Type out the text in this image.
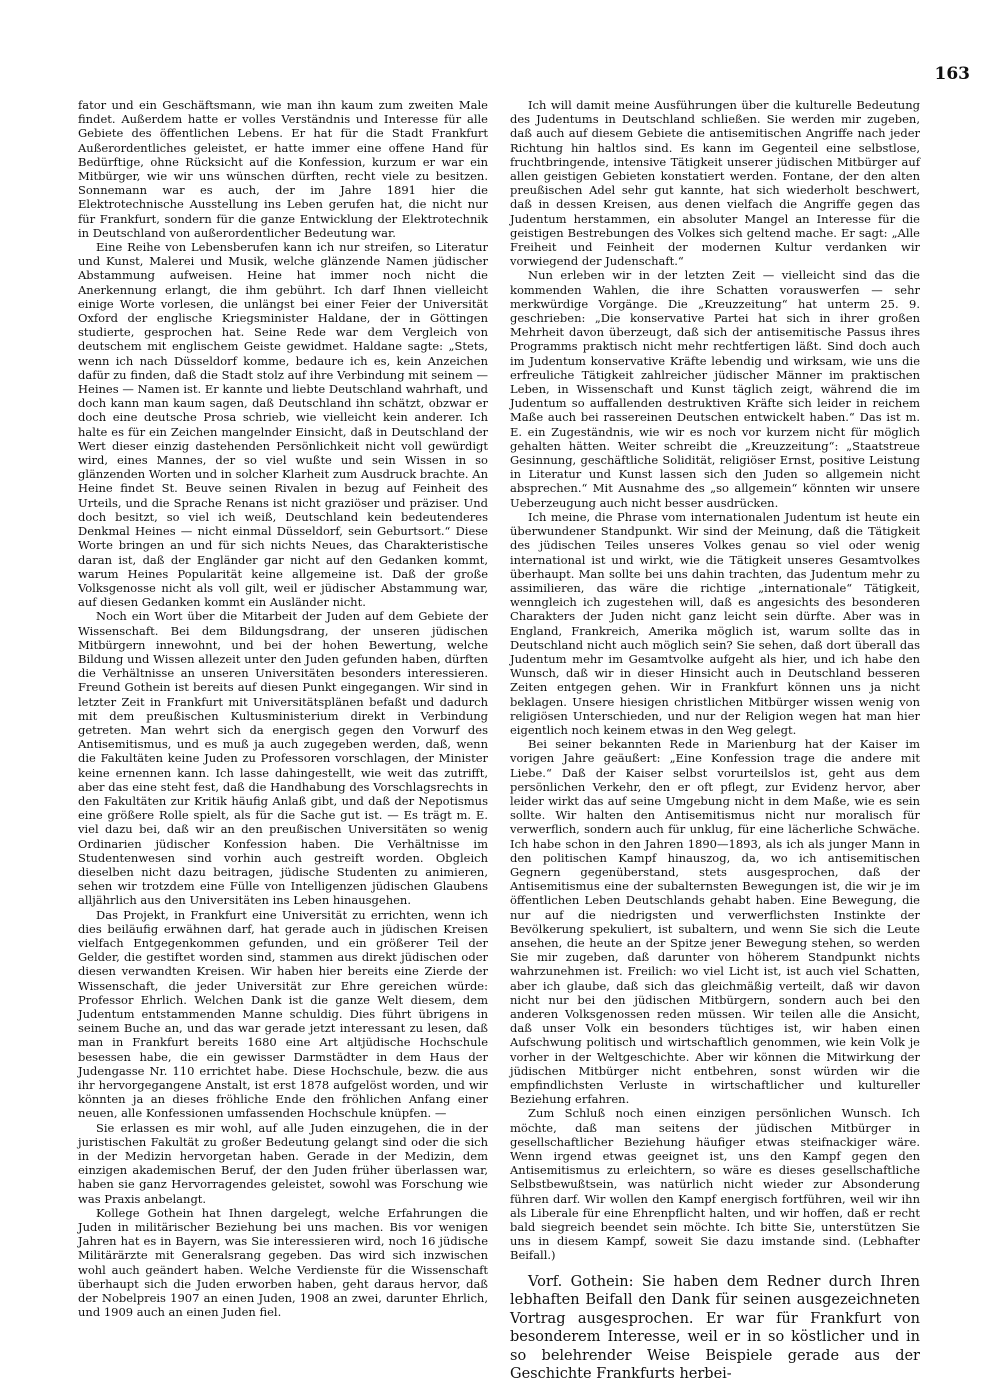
163

fator und ein Geschäftsmann, wie man ihn kaum zum zweiten Male findet. Außerdem hatte er volles Verständnis und Interesse für alle Gebiete des öffentlichen Lebens. Er hat für die Stadt Frankfurt Außerordentliches geleistet, er hatte immer eine offene Hand für Bedürftige, ohne Rücksicht auf die Konfession, kurzum er war ein Mitbürger, wie wir uns wünschen dürften, recht viele zu besitzen. Sonnemann war es auch, der im Jahre 1891 hier die Elektrotechnische Ausstellung ins Leben gerufen hat, die nicht nur für Frankfurt, sondern für die ganze Entwicklung der Elektrotechnik in Deutschland von außerordentlicher Bedeutung war.

Eine Reihe von Lebensberufen kann ich nur streifen, so Literatur und Kunst, Malerei und Musik, welche glänzende Namen jüdischer Abstammung aufweisen. Heine hat immer noch nicht die Anerkennung erlangt, die ihm gebührt. Ich darf Ihnen vielleicht einige Worte vorlesen, die unlängst bei einer Feier der Universität Oxford der englische Kriegsminister Haldane, der in Göttingen studierte, gesprochen hat. Seine Rede war dem Vergleich von deutschem mit englischem Geiste gewidmet. Haldane sagte: „Stets, wenn ich nach Düsseldorf komme, bedaure ich es, kein Anzeichen dafür zu finden, daß die Stadt stolz auf ihre Verbindung mit seinem — Heines — Namen ist. Er kannte und liebte Deutschland wahrhaft, und doch kann man kaum sagen, daß Deutschland ihn schätzt, obzwar er doch eine deutsche Prosa schrieb, wie vielleicht kein anderer. Ich halte es für ein Zeichen mangelnder Einsicht, daß in Deutschland der Wert dieser einzig dastehenden Persönlichkeit nicht voll gewürdigt wird, eines Mannes, der so viel wußte und sein Wissen in so glänzenden Worten und in solcher Klarheit zum Ausdruck brachte. An Heine findet St. Beuve seinen Rivalen in bezug auf Feinheit des Urteils, und die Sprache Renans ist nicht graziöser und präziser. Und doch besitzt, so viel ich weiß, Deutschland kein bedeutenderes Denkmal Heines — nicht einmal Düsseldorf, sein Geburtsort.“ Diese Worte bringen an und für sich nichts Neues, das Charakteristische daran ist, daß der Engländer gar nicht auf den Gedanken kommt, warum Heines Popularität keine allgemeine ist. Daß der große Volksgenosse nicht als voll gilt, weil er jüdischer Abstammung war, auf diesen Gedanken kommt ein Ausländer nicht.

Noch ein Wort über die Mitarbeit der Juden auf dem Gebiete der Wissenschaft. Bei dem Bildungsdrang, der unseren jüdischen Mitbürgern innewohnt, und bei der hohen Bewertung, welche Bildung und Wissen allezeit unter den Juden gefunden haben, dürften die Verhältnisse an unseren Universitäten besonders interessieren. Freund Gothein ist bereits auf diesen Punkt eingegangen. Wir sind in letzter Zeit in Frankfurt mit Universitätsplänen befaßt und dadurch mit dem preußischen Kultusministerium direkt in Verbindung getreten. Man wehrt sich da energisch gegen den Vorwurf des Antisemitismus, und es muß ja auch zugegeben werden, daß, wenn die Fakultäten keine Juden zu Professoren vorschlagen, der Minister keine ernennen kann. Ich lasse dahingestellt, wie weit das zutrifft, aber das eine steht fest, daß die Handhabung des Vorschlagsrechts in den Fakultäten zur Kritik häufig Anlaß gibt, und daß der Nepotismus eine größere Rolle spielt, als für die Sache gut ist. — Es trägt m. E. viel dazu bei, daß wir an den preußischen Universitäten so wenig Ordinarien jüdischer Konfession haben. Die Verhältnisse im Studentenwesen sind vorhin auch gestreift worden. Obgleich dieselben nicht dazu beitragen, jüdische Studenten zu animieren, sehen wir trotzdem eine Fülle von Intelligenzen jüdischen Glaubens alljährlich aus den Universitäten ins Leben hinausgehen.

Das Projekt, in Frankfurt eine Universität zu errichten, wenn ich dies beiläufig erwähnen darf, hat gerade auch in jüdischen Kreisen vielfach Entgegenkommen gefunden, und ein größerer Teil der Gelder, die gestiftet worden sind, stammen aus direkt jüdischen oder diesen verwandten Kreisen. Wir haben hier bereits eine Zierde der Wissenschaft, die jeder Universität zur Ehre gereichen würde: Professor Ehrlich. Welchen Dank ist die ganze Welt diesem, dem Judentum entstammenden Manne schuldig. Dies führt übrigens in seinem Buche an, und das war gerade jetzt interessant zu lesen, daß man in Frankfurt bereits 1680 eine Art altjüdische Hochschule besessen habe, die ein gewisser Darmstädter in dem Haus der Judengasse Nr. 110 errichtet habe. Diese Hochschule, bezw. die aus ihr hervorgegangene Anstalt, ist erst 1878 aufgelöst worden, und wir könnten ja an dieses fröhliche Ende den fröhlichen Anfang einer neuen, alle Konfessionen umfassenden Hochschule knüpfen. —

Sie erlassen es mir wohl, auf alle Juden einzugehen, die in der juristischen Fakultät zu großer Bedeutung gelangt sind oder die sich in der Medizin hervorgetan haben. Gerade in der Medizin, dem einzigen akademischen Beruf, der den Juden früher überlassen war, haben sie ganz Hervorragendes geleistet, sowohl was Forschung wie was Praxis anbelangt.

Kollege Gothein hat Ihnen dargelegt, welche Erfahrungen die Juden in militärischer Beziehung bei uns machen. Bis vor wenigen Jahren hat es in Bayern, was Sie interessieren wird, noch 16 jüdische Militärärzte mit Generalsrang gegeben. Das wird sich inzwischen wohl auch geändert haben. Welche Verdienste für die Wissenschaft überhaupt sich die Juden erworben haben, geht daraus hervor, daß der Nobelpreis 1907 an einen Juden, 1908 an zwei, darunter Ehrlich, und 1909 auch an einen Juden fiel.

Ich will damit meine Ausführungen über die kulturelle Bedeutung des Judentums in Deutschland schließen. Sie werden mir zugeben, daß auch auf diesem Gebiete die antisemitischen Angriffe nach jeder Richtung hin haltlos sind. Es kann im Gegenteil eine selbstlose, fruchtbringende, intensive Tätigkeit unserer jüdischen Mitbürger auf allen geistigen Gebieten konstatiert werden. Fontane, der den alten preußischen Adel sehr gut kannte, hat sich wiederholt beschwert, daß in dessen Kreisen, aus denen vielfach die Angriffe gegen das Judentum herstammen, ein absoluter Mangel an Interesse für die geistigen Bestrebungen des Volkes sich geltend mache. Er sagt: „Alle Freiheit und Feinheit der modernen Kultur verdanken wir vorwiegend der Judenschaft.“

Nun erleben wir in der letzten Zeit — vielleicht sind das die kommenden Wahlen, die ihre Schatten vorauswerfen — sehr merkwürdige Vorgänge. Die „Kreuzzeitung“ hat unterm 25. 9. geschrieben: „Die konservative Partei hat sich in ihrer großen Mehrheit davon überzeugt, daß sich der antisemitische Passus ihres Programms praktisch nicht mehr rechtfertigen läßt. Sind doch auch im Judentum konservative Kräfte lebendig und wirksam, wie uns die erfreuliche Tätigkeit zahlreicher jüdischer Männer im praktischen Leben, in Wissenschaft und Kunst täglich zeigt, während die im Judentum so auffallenden destruktiven Kräfte sich leider in reichem Maße auch bei rassereinen Deutschen entwickelt haben.“ Das ist m. E. ein Zugeständnis, wie wir es noch vor kurzem nicht für möglich gehalten hätten. Weiter schreibt die „Kreuzzeitung“: „Staatstreue Gesinnung, geschäftliche Solidität, religiöser Ernst, positive Leistung in Literatur und Kunst lassen sich den Juden so allgemein nicht absprechen.“ Mit Ausnahme des „so allgemein“ könnten wir unsere Ueberzeugung auch nicht besser ausdrücken.

Ich meine, die Phrase vom internationalen Judentum ist heute ein überwundener Standpunkt. Wir sind der Meinung, daß die Tätigkeit des jüdischen Teiles unseres Volkes genau so viel oder wenig international ist und wirkt, wie die Tätigkeit unseres Gesamtvolkes überhaupt. Man sollte bei uns dahin trachten, das Judentum mehr zu assimilieren, das wäre die richtige „internationale“ Tätigkeit, wenngleich ich zugestehen will, daß es angesichts des besonderen Charakters der Juden nicht ganz leicht sein dürfte. Aber was in England, Frankreich, Amerika möglich ist, warum sollte das in Deutschland nicht auch möglich sein? Sie sehen, daß dort überall das Judentum mehr im Gesamtvolke aufgeht als hier, und ich habe den Wunsch, daß wir in dieser Hinsicht auch in Deutschland besseren Zeiten entgegen gehen. Wir in Frankfurt können uns ja nicht beklagen. Unsere hiesigen christlichen Mitbürger wissen wenig von religiösen Unterschieden, und nur der Religion wegen hat man hier eigentlich noch keinem etwas in den Weg gelegt.

Bei seiner bekannten Rede in Marienburg hat der Kaiser im vorigen Jahre geäußert: „Eine Konfession trage die andere mit Liebe.“ Daß der Kaiser selbst vorurteilslos ist, geht aus dem persönlichen Verkehr, den er oft pflegt, zur Evidenz hervor, aber leider wirkt das auf seine Umgebung nicht in dem Maße, wie es sein sollte. Wir halten den Antisemitismus nicht nur moralisch für verwerflich, sondern auch für unklug, für eine lächerliche Schwäche. Ich habe schon in den Jahren 1890—1893, als ich als junger Mann in den politischen Kampf hinauszog, da, wo ich antisemitischen Gegnern gegenüberstand, stets ausgesprochen, daß der Antisemitismus eine der subalternsten Bewegungen ist, die wir je im öffentlichen Leben Deutschlands gehabt haben. Eine Bewegung, die nur auf die niedrigsten und verwerflichsten Instinkte der Bevölkerung spekuliert, ist subaltern, und wenn Sie sich die Leute ansehen, die heute an der Spitze jener Bewegung stehen, so werden Sie mir zugeben, daß darunter von höherem Standpunkt nichts wahrzunehmen ist. Freilich: wo viel Licht ist, ist auch viel Schatten, aber ich glaube, daß sich das gleichmäßig verteilt, daß wir davon nicht nur bei den jüdischen Mitbürgern, sondern auch bei den anderen Volksgenossen reden müssen. Wir teilen alle die Ansicht, daß unser Volk ein besonders tüchtiges ist, wir haben einen Aufschwung politisch und wirtschaftlich genommen, wie kein Volk je vorher in der Weltgeschichte. Aber wir können die Mitwirkung der jüdischen Mitbürger nicht entbehren, sonst würden wir die empfindlichsten Verluste in wirtschaftlicher und kultureller Beziehung erfahren.

Zum Schluß noch einen einzigen persönlichen Wunsch. Ich möchte, daß man seitens der jüdischen Mitbürger in gesellschaftlicher Beziehung häufiger etwas steifnackiger wäre. Wenn irgend etwas geeignet ist, uns den Kampf gegen den Antisemitismus zu erleichtern, so wäre es dieses gesellschaftliche Selbstbewußtsein, was natürlich nicht wieder zur Absonderung führen darf. Wir wollen den Kampf energisch fortführen, weil wir ihn als Liberale für eine Ehrenpflicht halten, und wir hoffen, daß er recht bald siegreich beendet sein möchte. Ich bitte Sie, unterstützen Sie uns in diesem Kampf, soweit Sie dazu imstande sind. (Lebhafter Beifall.)

Vorf. Gothein: Sie haben dem Redner durch Ihren lebhaften Beifall den Dank für seinen ausgezeichneten Vortrag ausgesprochen. Er war für Frankfurt von besonderem Interesse, weil er in so köstlicher und in so belehrender Weise Beispiele gerade aus der Geschichte Frankfurts herbei-
